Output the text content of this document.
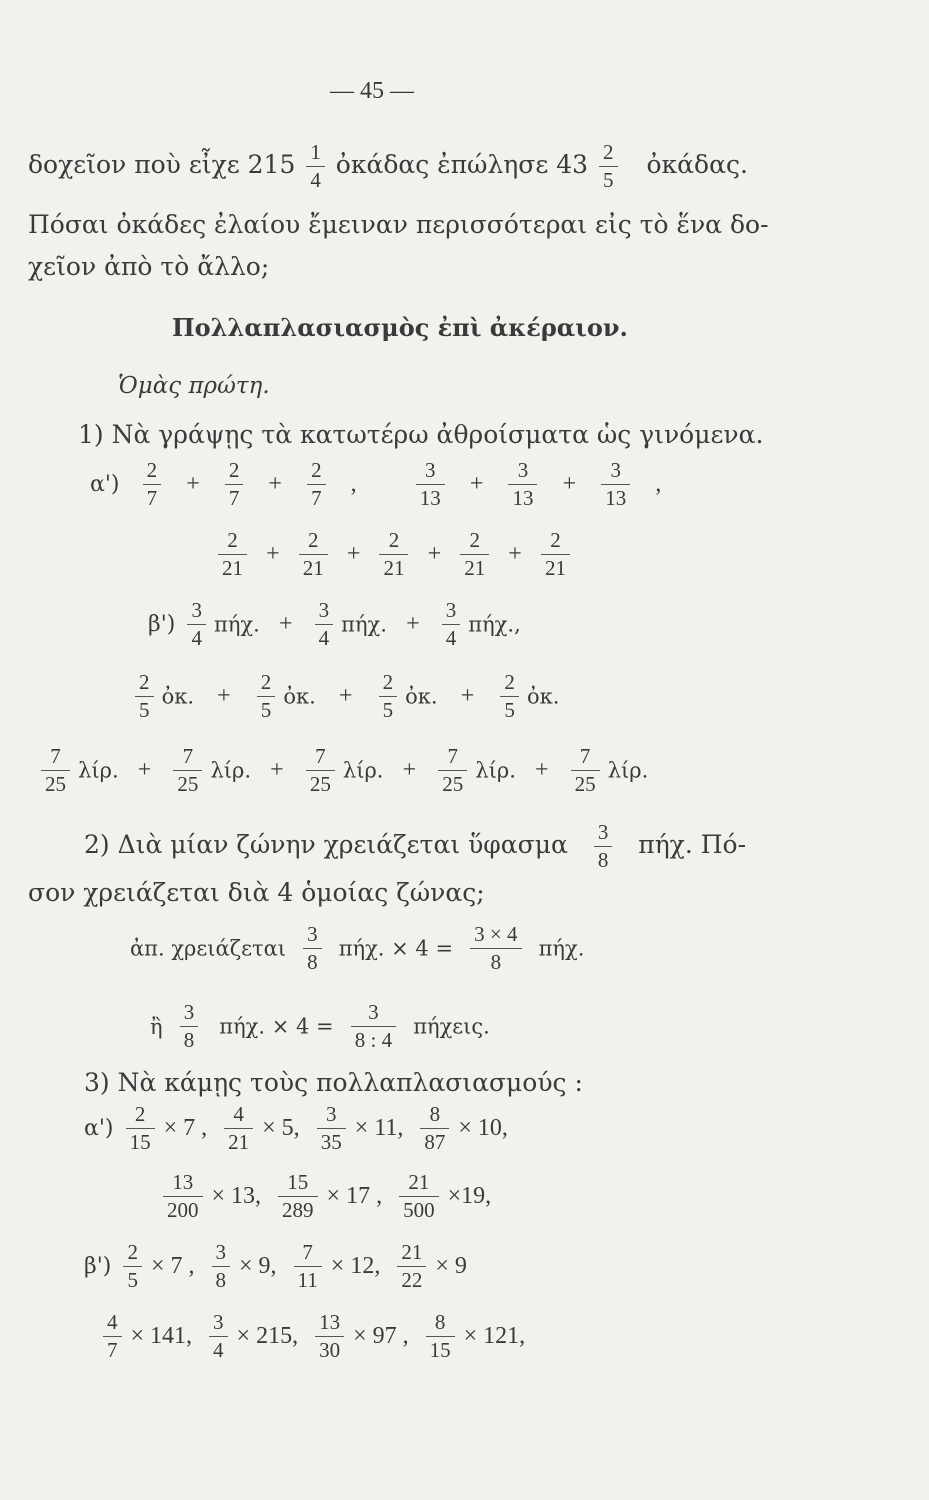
— 45 —
δοχεῖον ποὺ εἶχε $215 \frac{1}{4}$ ὀκάδας ἐπώλησε $43 \frac{2}{5}$ ὀκάδας.
Πόσαι ὀκάδες ἐλαίου ἔμειναν περισσότεραι εἰς τὸ ἕνα δο-
χεῖον ἀπὸ τὸ ἄλλο;
Πολλαπλασιασμὸς ἐπὶ ἀκέραιον.
Ὁμὰς πρώτη.
1) Νὰ γράψῃς τὰ κατωτέρω ἀθροίσματα ὡς γινόμενα.
$\alpha') \frac{2}{7} + \frac{2}{7} + \frac{2}{7}$ ,	$\frac{3}{13} + \frac{3}{13} + \frac{3}{13}$ ,
$\frac{2}{21} + \frac{2}{21} + \frac{2}{21} + \frac{2}{21} + \frac{2}{21}$
$\beta') \frac{3}{4} \pi ή\chi$. + $\frac{3}{4} \pi ή\chi$. + $\frac{3}{4} \pi ή\chi$.,
$\frac{2}{5}$ ὀκ. + $\frac{2}{5}$ ὀκ. + $\frac{2}{5}$ ὀκ. + $\frac{2}{5}$ ὀκ.
$\frac{7}{25} \lambda ί\rho$. + $\frac{7}{25} \lambda ί\rho$. + $\frac{7}{25} \lambda ί\rho$. + $\frac{7}{25} \lambda ί\rho$. + $\frac{7}{25} \lambda ί\rho$.
2) Διὰ μίαν ζώνην χρειάζεται ὕφασμα $\frac{3}{8} \pi ή\chi$. Πό-
σον χρειάζεται διὰ 4 ὁμοίας ζώνας;
ἀπ. χρειάζεται $\frac{3}{8} \pi ή\chi$. × $4 = \frac{3 \times 4}{8} \pi ή\chi$.
ἢ $\frac{3}{8} \pi ή\chi$. × $4 = \frac{3}{8 : 4} \pi ή\chi\varepsilon\iota\varsigma$.
3) Νὰ κάμῃς τοὺς πολλαπλασιασμούς :
$\alpha') \frac{2}{15} \times 7$ , $\frac{4}{21} \times 5$, $\frac{3}{35} \times 11$, $\frac{8}{87} \times 10$,
$\frac{13}{200} \times 13$, $\frac{15}{289} \times 17$ , $\frac{21}{500} \times 19$,
$\beta') \frac{2}{5} \times 7$ , $\frac{3}{8} \times 9$, $\frac{7}{11} \times 12$, $\frac{21}{22} \times 9$
$\frac{4}{7} \times 141$, $\frac{3}{4} \times 215$, $\frac{13}{30} \times 97$ , $\frac{8}{15} \times 121$,
